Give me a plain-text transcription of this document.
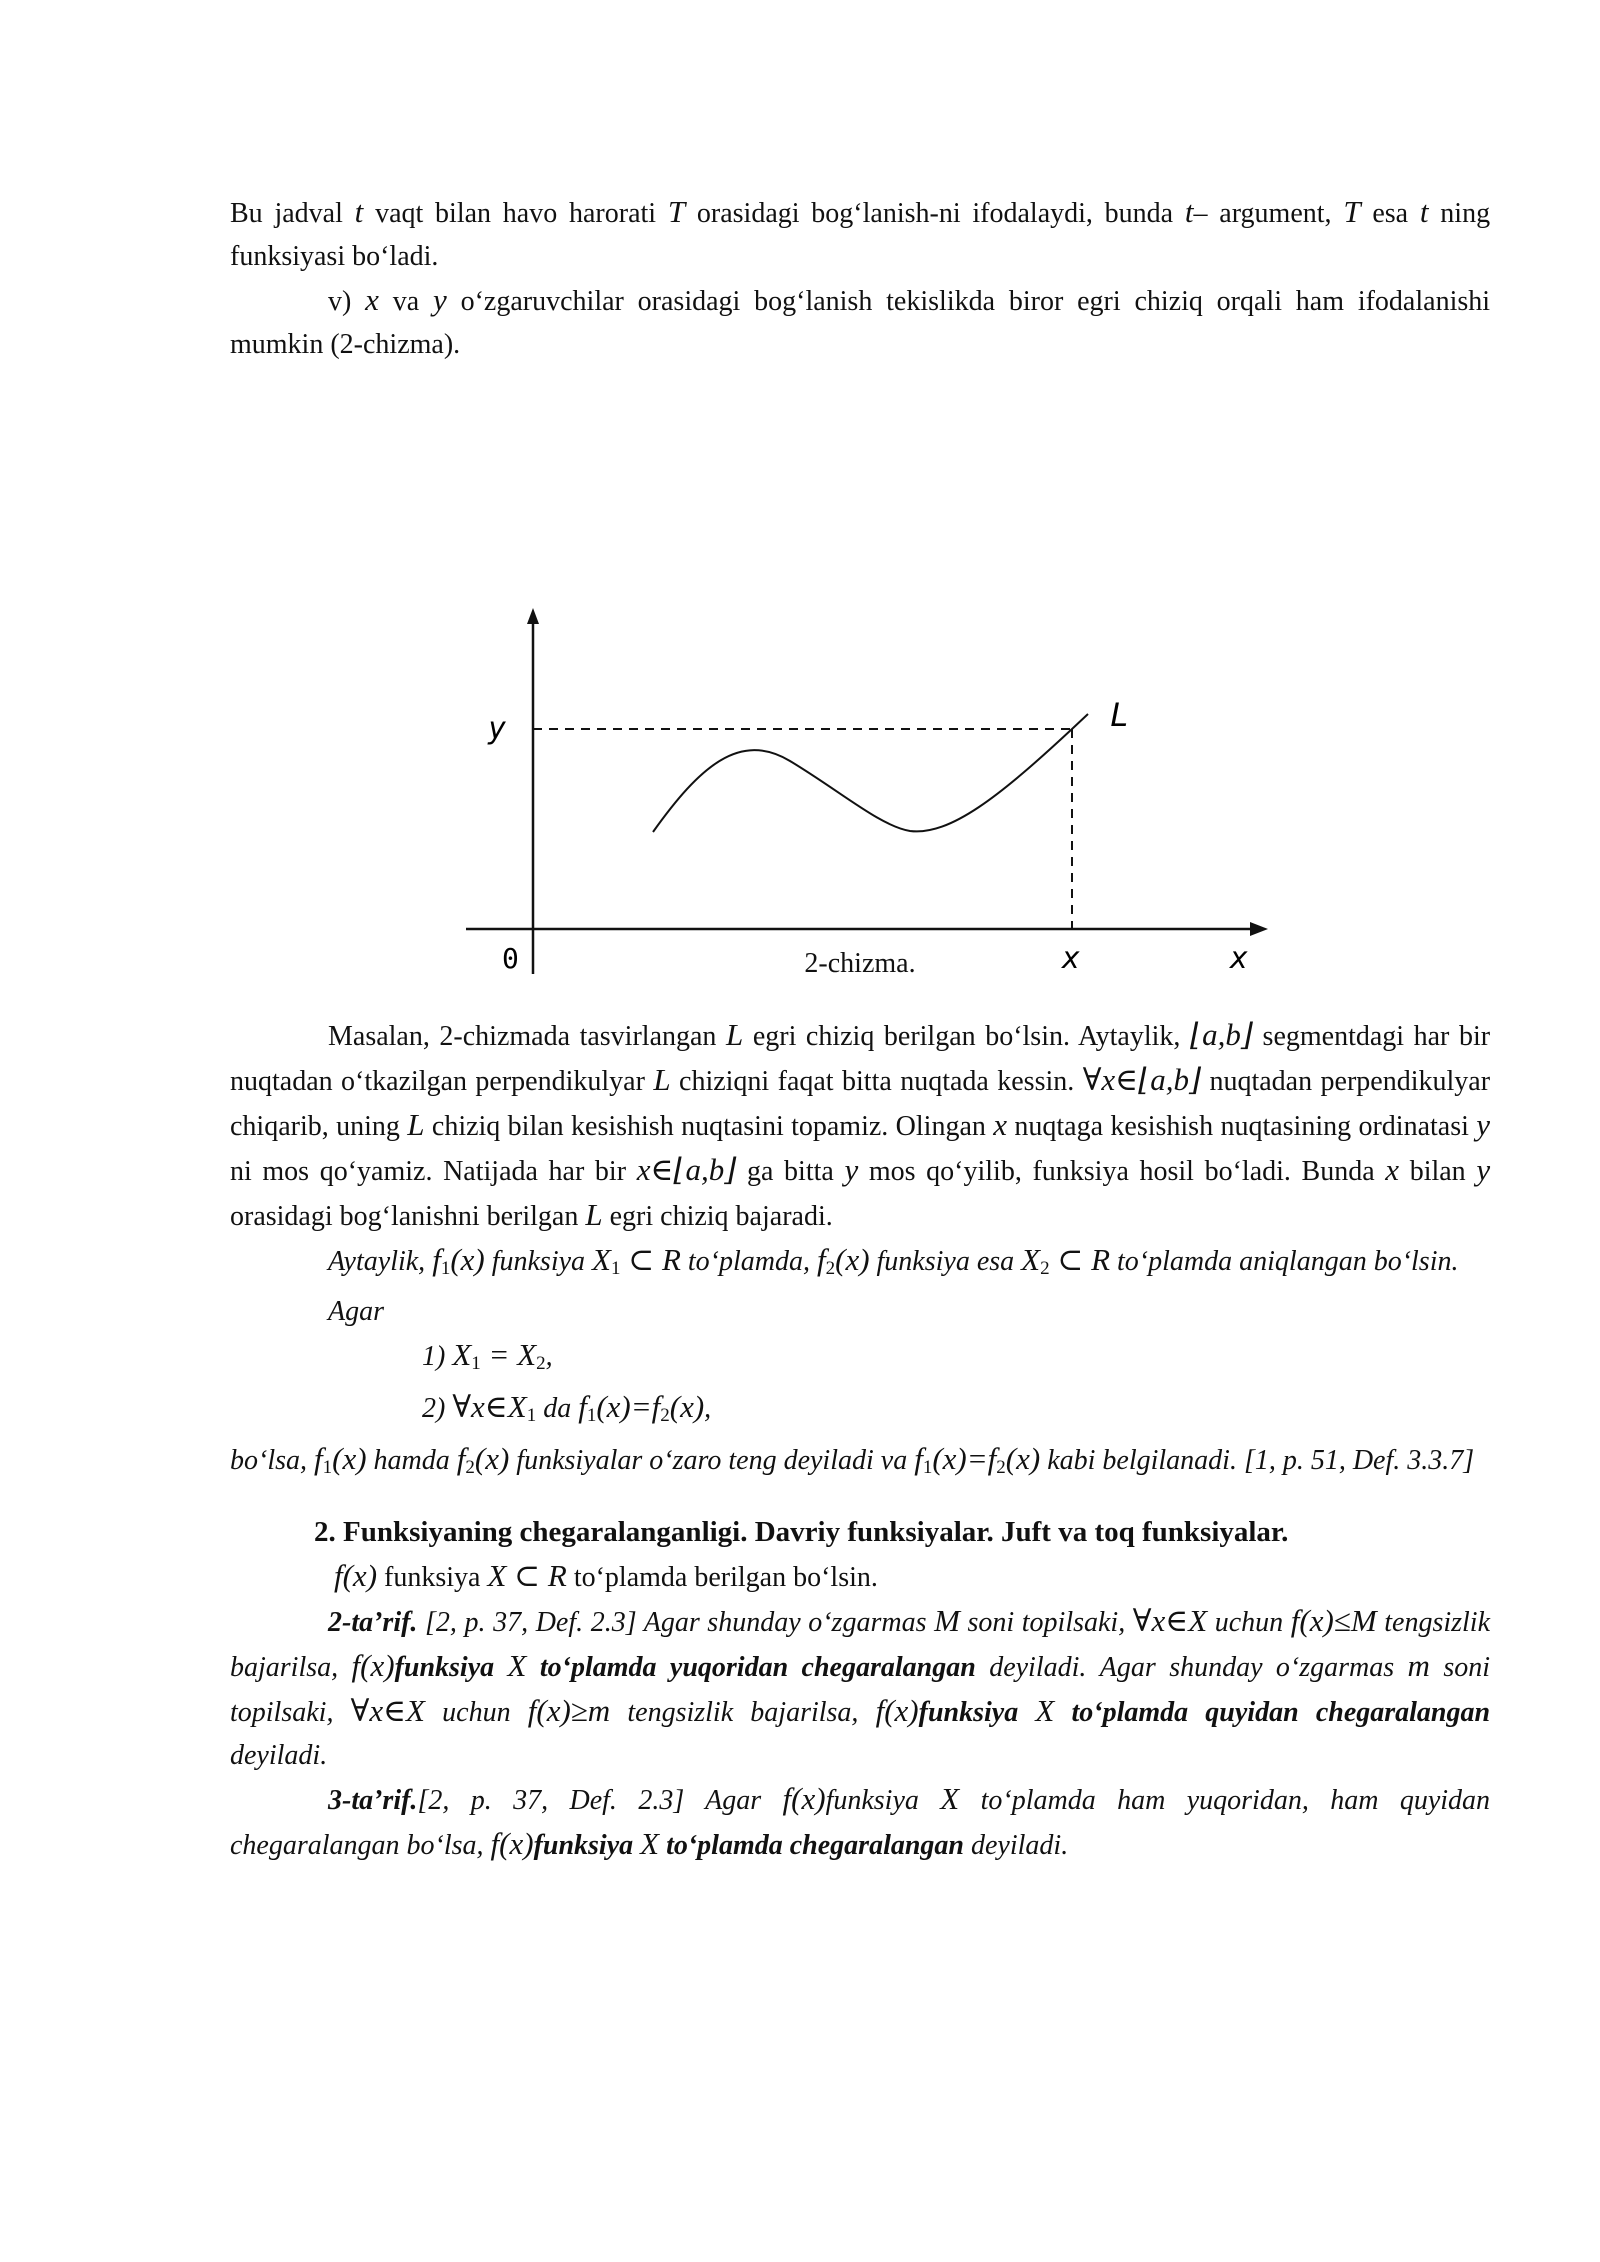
Bu jadval t vaqt bilan havo harorati T orasidagi bog‘lanish-ni ifodalaydi, bunda t– argument, T esa t ning funksiyasi bo‘ladi.

v) x va y o‘zgaruvchilar orasidagi bog‘lanish tekislikda biror egri chiziq orqali ham ifodalanishi mumkin (2-chizma).

y	L
0	x	x

2-chizma.

Masalan, 2-chizmada tasvirlangan L egri chiziq berilgan bo‘lsin. Aytaylik, ⌊a,b⌋ segmentdagi har bir nuqtadan o‘tkazilgan perpendikulyar L chiziqni faqat bitta nuqtada kessin. ∀x∈⌊a,b⌋ nuqtadan perpendikulyar chiqarib, uning L chiziq bilan kesishish nuqtasini topamiz. Olingan x nuqtaga kesishish nuqtasining ordinatasi y ni mos qo‘yamiz. Natijada har bir x∈⌊a,b⌋ ga bitta y mos qo‘yilib, funksiya hosil bo‘ladi. Bunda x bilan y orasidagi bog‘lanishni berilgan L egri chiziq bajaradi.

Aytaylik, $f_1(x)$ funksiya $X_1$ ⊂ R to‘plamda, $f_2(x)$ funksiya esa $X_2$ ⊂ R to‘plamda aniqlangan bo‘lsin.

Agar

1) $X_1 = X_2$,

2) $\forall x\in X_1$ da $f_1(x)=f_2(x)$,

bo‘lsa, $f_1(x)$ hamda $f_2(x)$ funksiyalar o‘zaro teng deyiladi va $f_1(x)=f_2(x)$ kabi belgilanadi. [1, p. 51, Def. 3.3.7]

2. Funksiyaning chegaralanganligi. Davriy funksiyalar. Juft va toq funksiyalar.

f(x) funksiya X ⊂ R to‘plamda berilgan bo‘lsin.

2-ta’rif. [2, p. 37, Def. 2.3] Agar shunday o‘zgarmas M soni topilsaki, ∀x∈X uchun f(x)≤M tengsizlik bajarilsa, f(x)funksiya X to‘plamda yuqoridan chegaralangan deyiladi. Agar shunday o‘zgarmas m soni topilsaki, ∀x∈X uchun f(x)≥m tengsizlik bajarilsa, f(x)funksiya X to‘plamda quyidan chegaralangan deyiladi.

3-ta’rif.[2, p. 37, Def. 2.3] Agar f(x)funksiya X to‘plamda ham yuqoridan, ham quyidan chegaralangan bo‘lsa, f(x)funksiya X to‘plamda chegaralangan deyiladi.
